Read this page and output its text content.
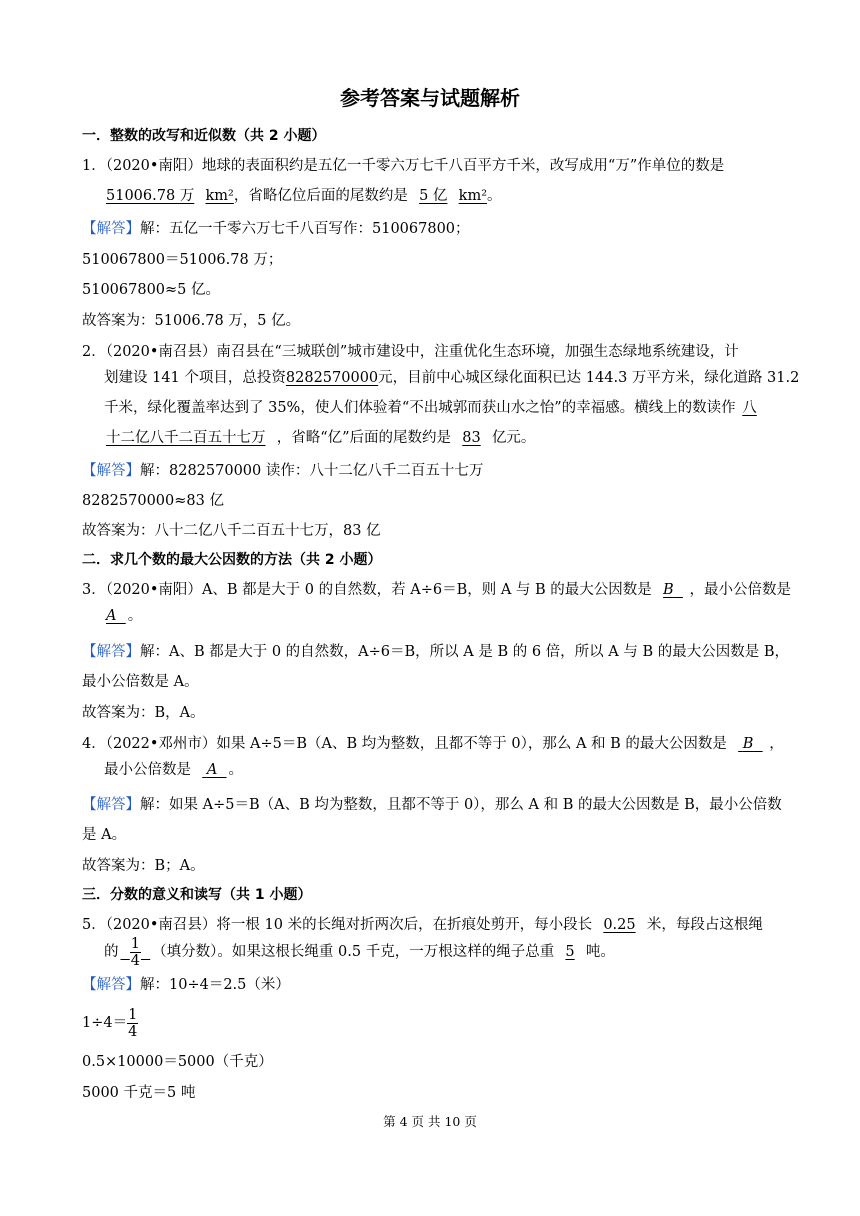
参考答案与试题解析
一．整数的改写和近似数（共 2 小题）
1．（2020•南阳）地球的表面积约是五亿一千零六万七千八百平方千米，改写成用“万”作单位的数是
51006.78 万 km²，省略亿位后面的尾数约是 5 亿 km²。
【解答】解：五亿一千零六万七千八百写作：510067800；
510067800＝51006.78 万；
510067800≈5 亿。
故答案为：51006.78 万，5 亿。
2．（2020•南召县）南召县在“三城联创”城市建设中，注重优化生态环境，加强生态绿地系统建设，计
划建设 141 个项目，总投资8282570000元，目前中心城区绿化面积已达 144.3 万平方米，绿化道路 31.2
千米，绿化覆盖率达到了 35%，使人们体验着“不出城郭而获山水之怡”的幸福感。横线上的数读作 八
十二亿八千二百五十七万 ，省略“亿”后面的尾数约是 83 亿元。
【解答】解：8282570000 读作：八十二亿八千二百五十七万
8282570000≈83 亿
故答案为：八十二亿八千二百五十七万，83 亿
二．求几个数的最大公因数的方法（共 2 小题）
3．（2020•南阳）A、B 都是大于 0 的自然数，若 A÷6＝B，则 A 与 B 的最大公因数是 B ，最小公倍数是
A 。
【解答】解：A、B 都是大于 0 的自然数，A÷6＝B，所以 A 是 B 的 6 倍，所以 A 与 B 的最大公因数是 B，
最小公倍数是 A。
故答案为：B，A。
4．（2022•邓州市）如果 A÷5＝B（A、B 均为整数，且都不等于 0），那么 A 和 B 的最大公因数是 B ，
最小公倍数是 A 。
【解答】解：如果 A÷5＝B（A、B 均为整数，且都不等于 0），那么 A 和 B 的最大公因数是 B，最小公倍数
是 A。
故答案为：B；A。
三．分数的意义和读写（共 1 小题）
5．（2020•南召县）将一根 10 米的长绳对折两次后，在折痕处剪开，每小段长 0.25 米，每段占这根绳
的 $\frac{1}{4}$ （填分数）。如果这根长绳重 0.5 千克，一万根这样的绳子总重 5 吨。
【解答】解：10÷4＝2.5（米）
$1\div 4= \frac{1}{4}$
0.5×10000＝5000（千克）
5000 千克＝5 吨
第 4 页 共 10 页
